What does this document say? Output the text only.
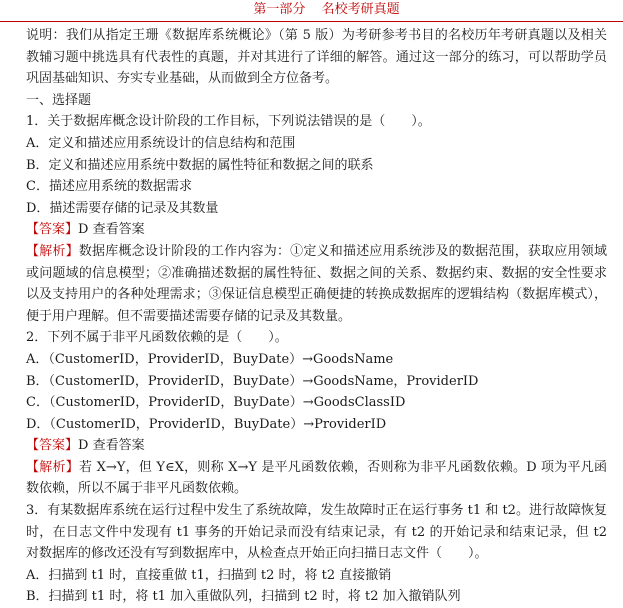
第一部分 名校考研真题

说明：我们从指定王珊《数据库系统概论》（第 5 版）为考研参考书目的名校历年考研真题以及相关教辅习题中挑选具有代表性的真题，并对其进行了详细的解答。通过这一部分的练习，可以帮助学员巩固基础知识、夯实专业基础，从而做到全方位备考。

一、选择题

1．关于数据库概念设计阶段的工作目标，下列说法错误的是（　　）。

A．定义和描述应用系统设计的信息结构和范围

B．定义和描述应用系统中数据的属性特征和数据之间的联系

C．描述应用系统的数据需求

D．描述需要存储的记录及其数量

【答案】D 查看答案

【解析】数据库概念设计阶段的工作内容为：①定义和描述应用系统涉及的数据范围，获取应用领域或问题域的信息模型；②准确描述数据的属性特征、数据之间的关系、数据约束、数据的安全性要求以及支持用户的各种处理需求；③保证信息模型正确便捷的转换成数据库的逻辑结构（数据库模式），便于用户理解。但不需要描述需要存储的记录及其数量。

2．下列不属于非平凡函数依赖的是（　　）。

A．（CustomerID，ProviderID，BuyDate）→GoodsName

B．（CustomerID，ProviderID，BuyDate）→GoodsName，ProviderID

C．（CustomerID，ProviderID，BuyDate）→GoodsClassID

D．（CustomerID，ProviderID，BuyDate）→ProviderID

【答案】D 查看答案

【解析】若 X→Y，但 Y∈X，则称 X→Y 是平凡函数依赖，否则称为非平凡函数依赖。D 项为平凡函数依赖，所以不属于非平凡函数依赖。

3．有某数据库系统在运行过程中发生了系统故障，发生故障时正在运行事务 t1 和 t2。进行故障恢复时，在日志文件中发现有 t1 事务的开始记录而没有结束记录，有 t2 的开始记录和结束记录，但 t2 对数据库的修改还没有写到数据库中，从检查点开始正向扫描日志文件（　　）。

A．扫描到 t1 时，直接重做 t1，扫描到 t2 时，将 t2 直接撤销

B．扫描到 t1 时，将 t1 加入重做队列，扫描到 t2 时，将 t2 加入撤销队列
